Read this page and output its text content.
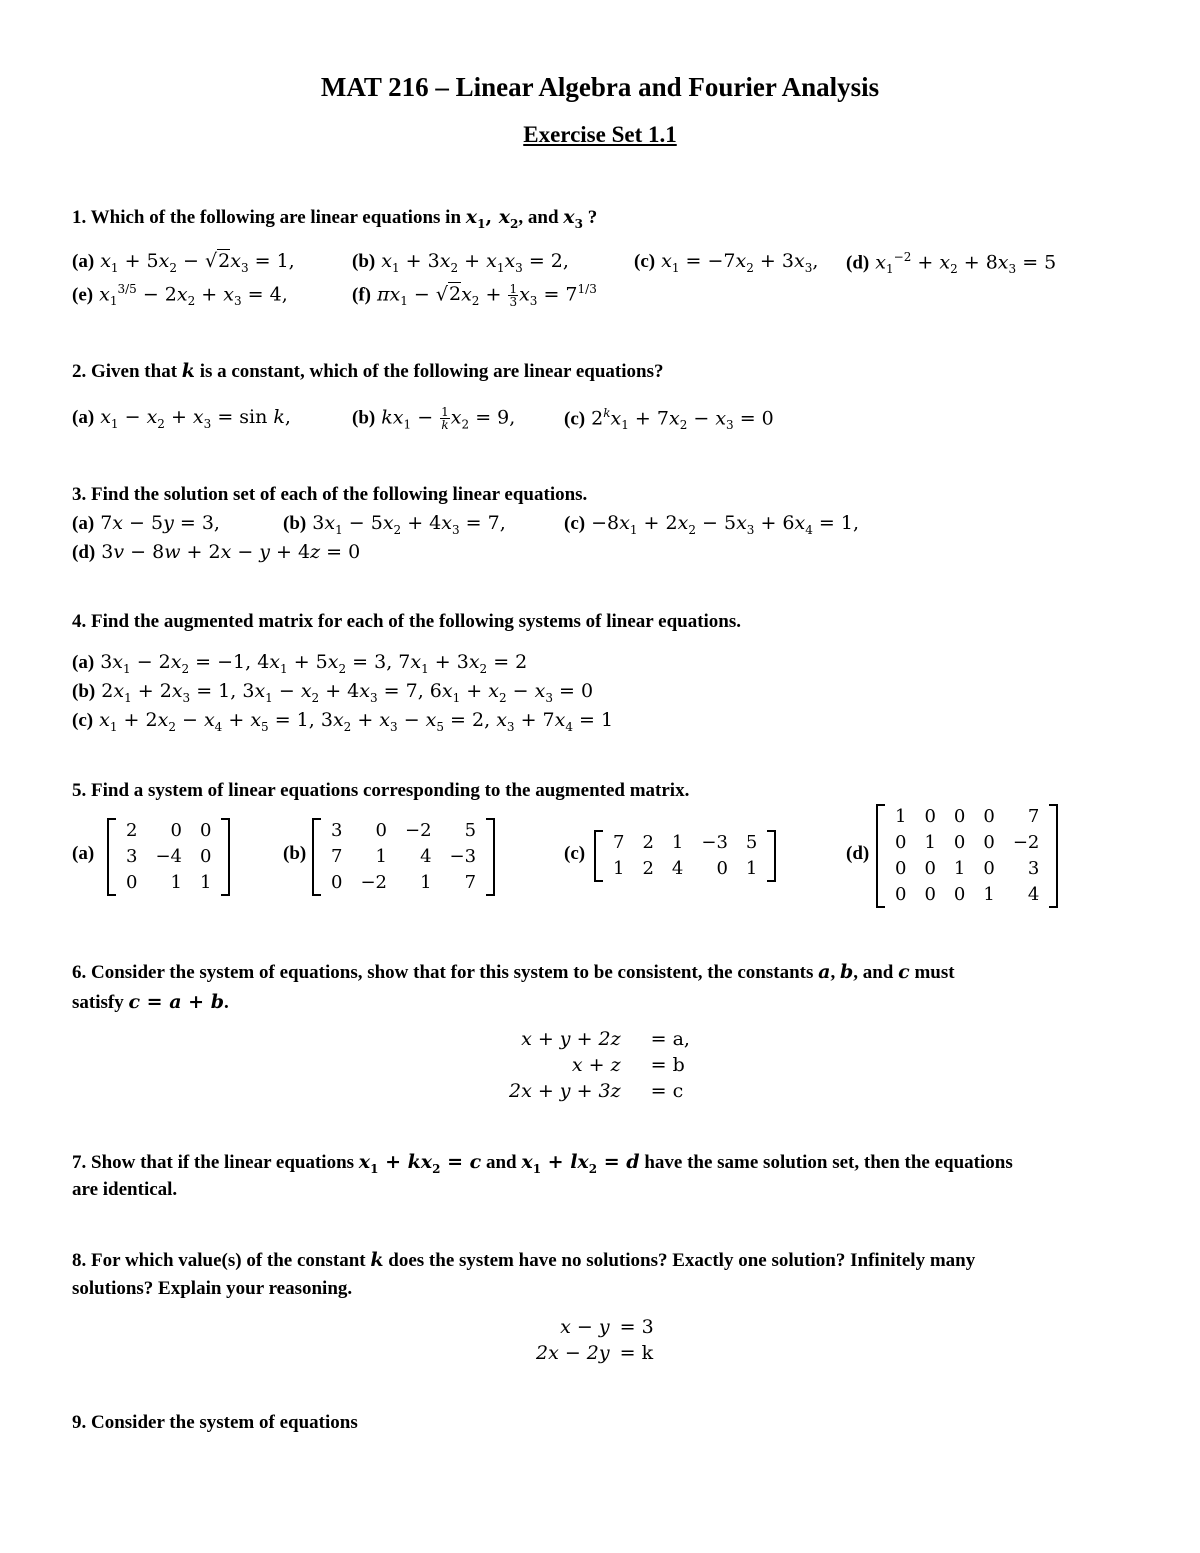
MAT 216 – Linear Algebra and Fourier Analysis
Exercise Set 1.1
1. Which of the following are linear equations in $x_1$, $x_2$, and $x_3$ ?
(a) $x_1 + 5x_2 - √2x_3 = 1$,	(b) $x_1 + 3x_2 + x_1x_3 = 2$,	(c) $x_1 = -7x_2 + 3x_3$, (d) $x_1^{-2} + x_2 + 8x_3 = 5$
(e) $x_1^{3/5} - 2x_2 + x_3 = 4$,	(f) $\pi x_1 - √2x_2 + \frac{1}{3} x_3 = 7^{1/3}$
2. Given that k is a constant, which of the following are linear equations?
(a) $x_1 - x_2 + x_3 = \sin k$,	(b) $kx_1 - \frac{1}{k} x_2 = 9$,	(c) $2^kx_1 + 7x_2 - x_3 = 0$
3. Find the solution set of each of the following linear equations.
(a) 7x − 5y = 3,	(b) $3x_1 - 5x_2 + 4x_3 = 7$,	$(c) -8x_1 + 2x_2 - 5x_3 + 6x_4 = 1$,
(d) 3v − 8w + 2x − y + 4z = 0
4. Find the augmented matrix for each of the following systems of linear equations.
(a) $3x_1 - 2x_2 = -1$, $4x_1 + 5x_2 = 3$, $7x_1 + 3x_2 = 2$
(b) $2x_1 + 2x_3 = 1$, $3x_1 - x_2 + 4x_3 = 7$, $6x_1 + x_2 - x_3 = 0$
(c) $x_1 + 2x_2 - x_4 + x_5 = 1$, $3x_2 + x_3 - x_5 = 2$, $x_3 + 7x_4 = 1$
5. Find a system of linear equations corresponding to the augmented matrix.
(a)
2	0	0
3	−4	0
0	1	1
(b)
3	0	−2	5
7	1	4	−3
0	−2	1	7
(c)
7	2	1	−3	5
1	2	4	0	1
(d)
1	0	0	0	7
0	1	0	0	−2
0	0	1	0	3
0	0	0	1	4
6. Consider the system of equations, show that for this system to be consistent, the constants a, b, and c must
satisfy c = a + b.
x + y + 2z	= a,
x + z	= b
2x + y + 3z	= c
7. Show that if the linear equations $x_1 + kx_2 = c$ and $x_1 + lx_2 = d$ have the same solution set, then the equations
are identical.
8. For which value(s) of the constant k does the system have no solutions? Exactly one solution? Infinitely many
solutions? Explain your reasoning.
x − y	= 3
2x − 2y	= k
9. Consider the system of equations
